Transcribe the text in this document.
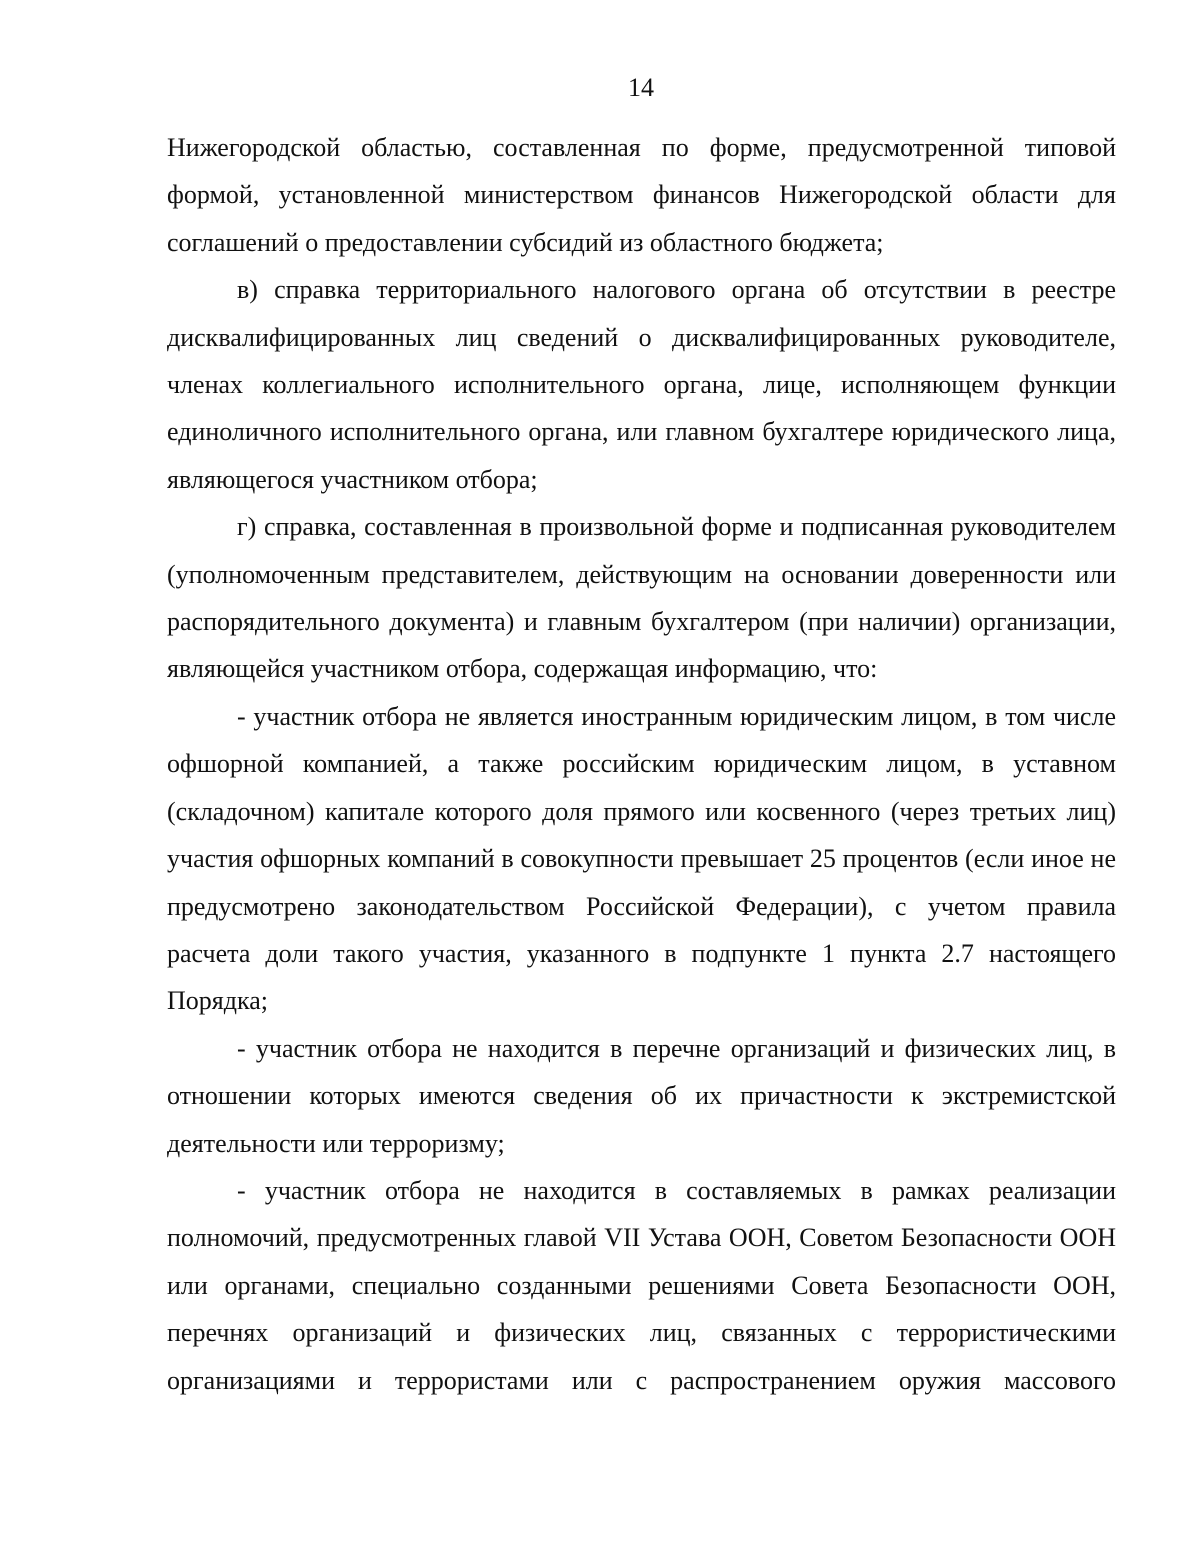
14

Нижегородской областью, составленная по форме, предусмотренной типовой формой, установленной министерством финансов Нижегородской области для соглашений о предоставлении субсидий из областного бюджета;

в) справка территориального налогового органа об отсутствии в реестре дисквалифицированных лиц сведений о дисквалифицированных руководителе, членах коллегиального исполнительного органа, лице, исполняющем функции единоличного исполнительного органа, или главном бухгалтере юридического лица, являющегося участником отбора;

г) справка, составленная в произвольной форме и подписанная руководителем (уполномоченным представителем, действующим на основании доверенности или распорядительного документа) и главным бухгалтером (при наличии) организации, являющейся участником отбора, содержащая информацию, что:

- участник отбора не является иностранным юридическим лицом, в том числе офшорной компанией, а также российским юридическим лицом, в уставном (складочном) капитале которого доля прямого или косвенного (через третьих лиц) участия офшорных компаний в совокупности превышает 25 процентов (если иное не предусмотрено законодательством Российской Федерации), с учетом правила расчета доли такого участия, указанного в подпункте 1 пункта 2.7 настоящего Порядка;

- участник отбора не находится в перечне организаций и физических лиц, в отношении которых имеются сведения об их причастности к экстремистской деятельности или терроризму;

- участник отбора не находится в составляемых в рамках реализации полномочий, предусмотренных главой VII Устава ООН, Советом Безопасности ООН или органами, специально созданными решениями Совета Безопасности ООН, перечнях организаций и физических лиц, связанных с террористическими организациями и террористами или с распространением оружия массового
